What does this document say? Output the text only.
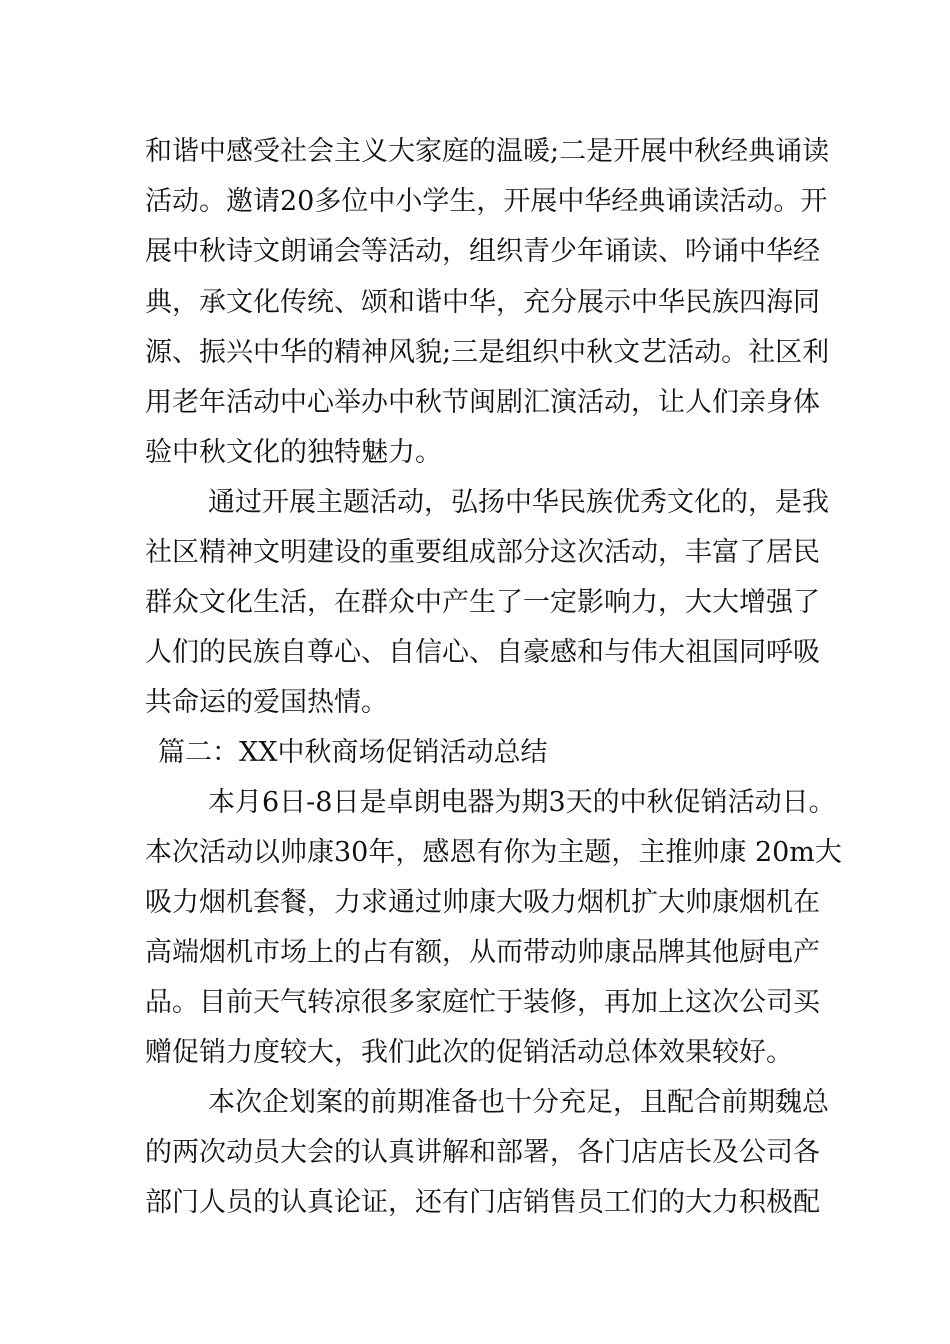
和谐中感受社会主义大家庭的温暖;二是开展中秋经典诵读
活动。邀请20多位中小学生，开展中华经典诵读活动。开
展中秋诗文朗诵会等活动，组织青少年诵读、吟诵中华经
典，承文化传统、颂和谐中华，充分展示中华民族四海同
源、振兴中华的精神风貌;三是组织中秋文艺活动。社区利
用老年活动中心举办中秋节闽剧汇演活动，让人们亲身体
验中秋文化的独特魅力。
通过开展主题活动，弘扬中华民族优秀文化的，是我
社区精神文明建设的重要组成部分这次活动，丰富了居民
群众文化生活，在群众中产生了一定影响力，大大增强了
人们的民族自尊心、自信心、自豪感和与伟大祖国同呼吸
共命运的爱国热情。
篇二：XX中秋商场促销活动总结
本月6日-8日是卓朗电器为期3天的中秋促销活动日。
本次活动以帅康30年，感恩有你为主题，主推帅康 20m大
吸力烟机套餐，力求通过帅康大吸力烟机扩大帅康烟机在
高端烟机市场上的占有额，从而带动帅康品牌其他厨电产
品。目前天气转凉很多家庭忙于装修，再加上这次公司买
赠促销力度较大，我们此次的促销活动总体效果较好。
本次企划案的前期准备也十分充足，且配合前期魏总
的两次动员大会的认真讲解和部署，各门店店长及公司各
部门人员的认真论证，还有门店销售员工们的大力积极配
